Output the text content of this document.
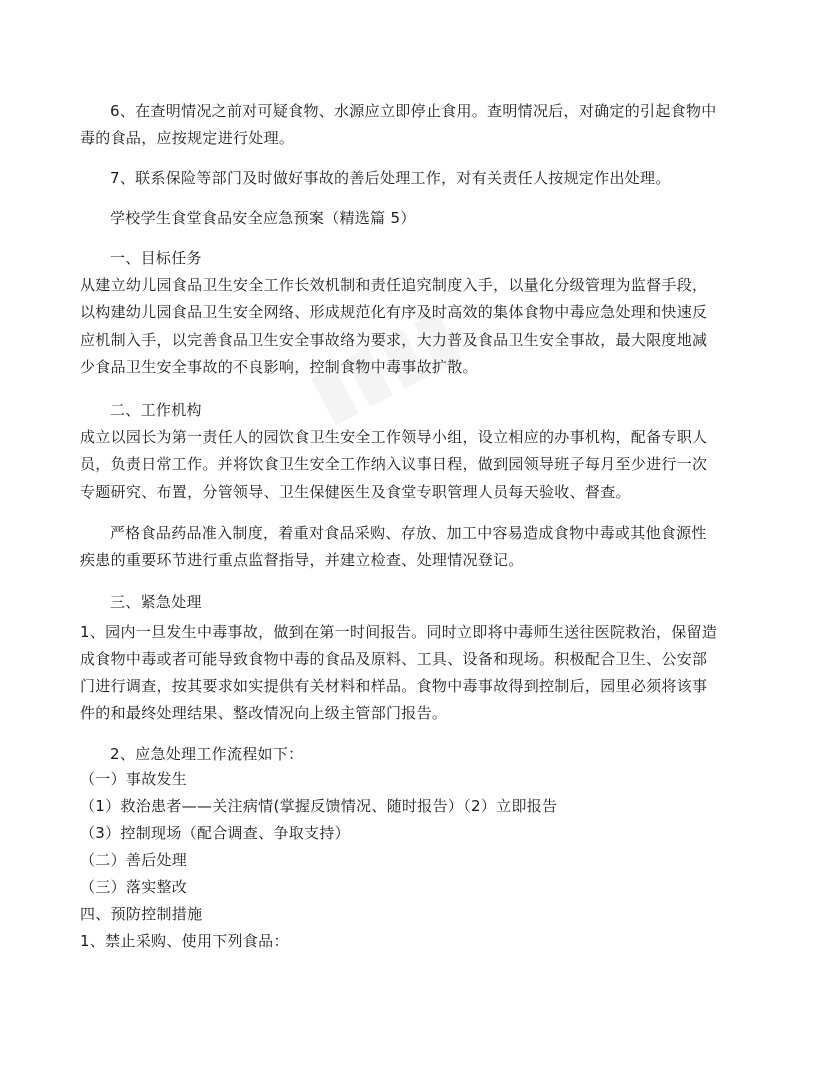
6、在查明情况之前对可疑食物、水源应立即停止食用。查明情况后，对确定的引起食物中
毒的食品，应按规定进行处理。
7、联系保险等部门及时做好事故的善后处理工作，对有关责任人按规定作出处理。
学校学生食堂食品安全应急预案（精选篇 5）
一、目标任务
从建立幼儿园食品卫生安全工作长效机制和责任追究制度入手，以量化分级管理为监督手段，
以构建幼儿园食品卫生安全网络、形成规范化有序及时高效的集体食物中毒应急处理和快速反
应机制入手，以完善食品卫生安全事故络为要求，大力普及食品卫生安全事故，最大限度地减
少食品卫生安全事故的不良影响，控制食物中毒事故扩散。
二、工作机构
成立以园长为第一责任人的园饮食卫生安全工作领导小组，设立相应的办事机构，配备专职人
员，负责日常工作。并将饮食卫生安全工作纳入议事日程，做到园领导班子每月至少进行一次
专题研究、布置，分管领导、卫生保健医生及食堂专职管理人员每天验收、督查。
严格食品药品准入制度，着重对食品采购、存放、加工中容易造成食物中毒或其他食源性
疾患的重要环节进行重点监督指导，并建立检查、处理情况登记。
三、紧急处理
1、园内一旦发生中毒事故，做到在第一时间报告。同时立即将中毒师生送往医院救治，保留造
成食物中毒或者可能导致食物中毒的食品及原料、工具、设备和现场。积极配合卫生、公安部
门进行调查，按其要求如实提供有关材料和样品。食物中毒事故得到控制后，园里必须将该事
件的和最终处理结果、整改情况向上级主管部门报告。
2、应急处理工作流程如下：
（一）事故发生
（1）救治患者——关注病情(掌握反馈情况、随时报告）（2）立即报告
（3）控制现场（配合调查、争取支持）
（二）善后处理
（三）落实整改
四、预防控制措施
1、禁止采购、使用下列食品：
